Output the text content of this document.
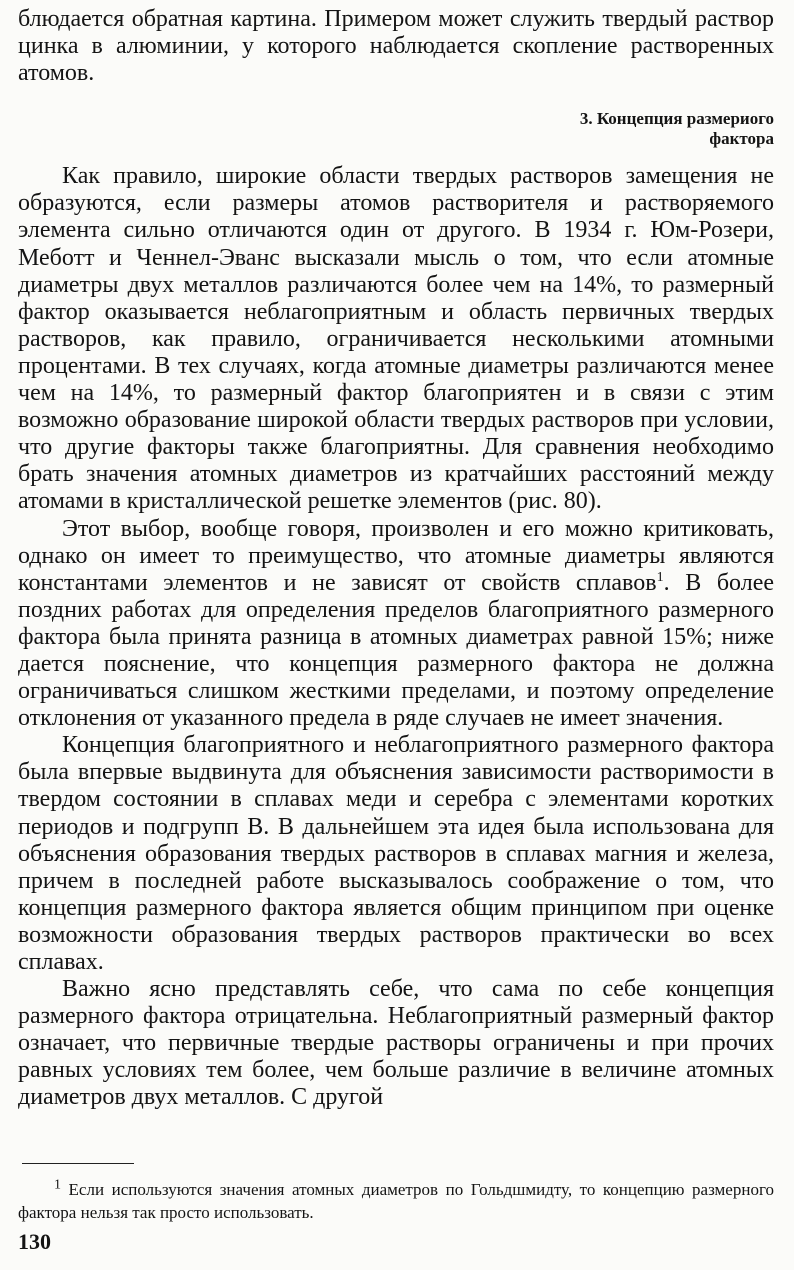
блюдается обратная картина. Примером может служить твердый раствор цинка в алюминии, у которого наблюдается скопление растворенных атомов.

3. Концепция размериого
фактора

Как правило, широкие области твердых растворов замещения не образуются, если размеры атомов растворителя и растворяемого элемента сильно отличаются один от другого. В 1934 г. Юм-Розери, Меботт и Ченнел-Эванс высказали мысль о том, что если атомные диаметры двух металлов различаются более чем на 14%, то размерный фактор оказывается неблагоприятным и область первичных твердых растворов, как правило, ограничивается несколькими атомными процентами. В тех случаях, когда атомные диаметры различаются менее чем на 14%, то размерный фактор благоприятен и в связи с этим возможно образование широкой области твердых растворов при условии, что другие факторы также благоприятны. Для сравнения необходимо брать значения атомных диаметров из кратчайших расстояний между атомами в кристаллической решетке элементов (рис. 80).

Этот выбор, вообще говоря, произволен и его можно критиковать, однако он имеет то преимущество, что атомные диаметры являются константами элементов и не зависят от свойств сплавов$^1$. В более поздних работах для определения пределов благоприятного размерного фактора была принята разница в атомных диаметрах равной 15%; ниже дается пояснение, что концепция размерного фактора не должна ограничиваться слишком жесткими пределами, и поэтому определение отклонения от указанного предела в ряде случаев не имеет значения.

Концепция благоприятного и неблагоприятного размерного фактора была впервые выдвинута для объяснения зависимости растворимости в твердом состоянии в сплавах меди и серебра с элементами коротких периодов и подгрупп B. В дальнейшем эта идея была использована для объяснения образования твердых растворов в сплавах магния и железа, причем в последней работе высказывалось соображение о том, что концепция размерного фактора является общим принципом при оценке возможности образования твердых растворов практически во всех сплавах.

Важно ясно представлять себе, что сама по себе концепция размерного фактора отрицательна. Неблагоприятный размерный фактор означает, что первичные твердые растворы ограничены и при прочих равных условиях тем более, чем больше различие в величине атомных диаметров двух металлов. С другой

$^1$ Если используются значения атомных диаметров по Гольдшмидту, то концепцию размерного фактора нельзя так просто использовать.

130
